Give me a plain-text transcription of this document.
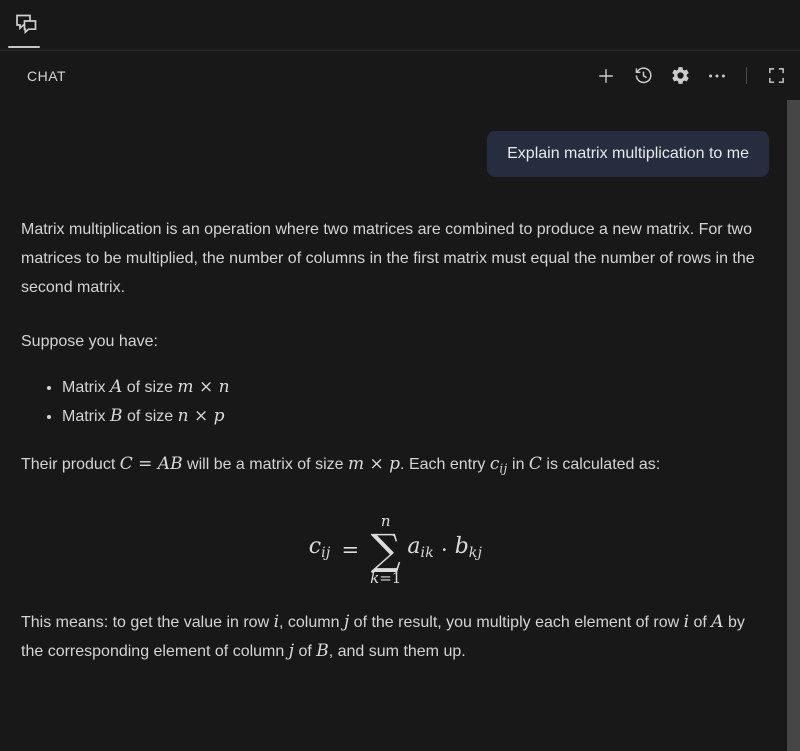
CHAT
Explain matrix multiplication to me

Matrix multiplication is an operation where two matrices are combined to produce a new matrix. For two matrices to be multiplied, the number of columns in the first matrix must equal the number of rows in the second matrix.

Suppose you have:

• Matrix A of size m × n
• Matrix B of size n × p

Their product C = AB will be a matrix of size m × p. Each entry $c_{ij}$ in C is calculated as:

$c_{ij}$ =
n
∑
k=1
$a_{ik} \cdot b_{kj}$

This means: to get the value in row i, column j of the result, you multiply each element of row i of A by the corresponding element of column j of B, and sum them up.
